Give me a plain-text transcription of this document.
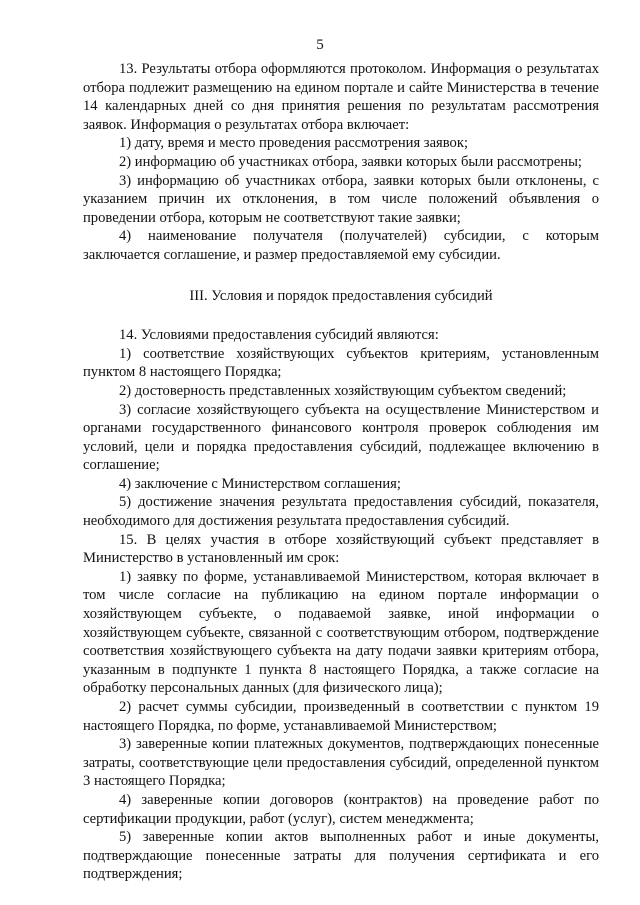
5

13. Результаты отбора оформляются протоколом. Информация о результатах отбора подлежит размещению на едином портале и сайте Министерства в течение 14 календарных дней со дня принятия решения по результатам рассмотрения заявок. Информация о результатах отбора включает:

1) дату, время и место проведения рассмотрения заявок;

2) информацию об участниках отбора, заявки которых были рассмотрены;

3) информацию об участниках отбора, заявки которых были отклонены, с указанием причин их отклонения, в том числе положений объявления о проведении отбора, которым не соответствуют такие заявки;

4) наименование получателя (получателей) субсидии, с которым заключается соглашение, и размер предоставляемой ему субсидии.

III. Условия и порядок предоставления субсидий

14. Условиями предоставления субсидий являются:

1) соответствие хозяйствующих субъектов критериям, установленным пунктом 8 настоящего Порядка;

2) достоверность представленных хозяйствующим субъектом сведений;

3) согласие хозяйствующего субъекта на осуществление Министерством и органами государственного финансового контроля проверок соблюдения им условий, цели и порядка предоставления субсидий, подлежащее включению в соглашение;

4) заключение с Министерством соглашения;

5) достижение значения результата предоставления субсидий, показателя, необходимого для достижения результата предоставления субсидий.

15. В целях участия в отборе хозяйствующий субъект представляет в Министерство в установленный им срок:

1) заявку по форме, устанавливаемой Министерством, которая включает в том числе согласие на публикацию на едином портале информации о хозяйствующем субъекте, о подаваемой заявке, иной информации о хозяйствующем субъекте, связанной с соответствующим отбором, подтверждение соответствия хозяйствующего субъекта на дату подачи заявки критериям отбора, указанным в подпункте 1 пункта 8 настоящего Порядка, а также согласие на обработку персональных данных (для физического лица);

2) расчет суммы субсидии, произведенный в соответствии с пунктом 19 настоящего Порядка, по форме, устанавливаемой Министерством;

3) заверенные копии платежных документов, подтверждающих понесенные затраты, соответствующие цели предоставления субсидий, определенной пунктом 3 настоящего Порядка;

4) заверенные копии договоров (контрактов) на проведение работ по сертификации продукции, работ (услуг), систем менеджмента;

5) заверенные копии актов выполненных работ и иные документы, подтверждающие понесенные затраты для получения сертификата и его подтверждения;
